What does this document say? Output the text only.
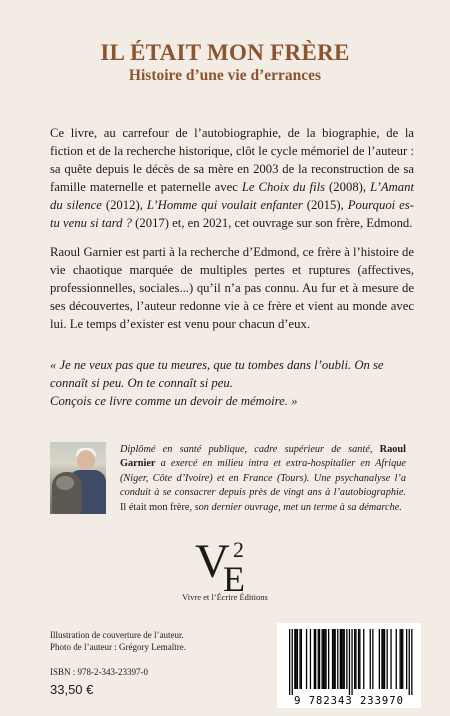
IL ÉTAIT MON FRÈRE
Histoire d’une vie d’errances

Ce livre, au carrefour de l’autobiographie, de la biographie, de la fiction et de la recherche historique, clôt le cycle mémoriel de l’auteur : sa quête depuis le décès de sa mère en 2003 de la reconstruction de sa famille maternelle et paternelle avec Le Choix du fils (2008), L’Amant du silence (2012), L’Homme qui voulait enfanter (2015), Pourquoi es-tu venu si tard ? (2017) et, en 2021, cet ouvrage sur son frère, Edmond.

Raoul Garnier est parti à la recherche d’Edmond, ce frère à l’histoire de vie chaotique marquée de multiples pertes et ruptures (affectives, professionnelles, sociales...) qu’il n’a pas connu. Au fur et à mesure de ses découvertes, l’auteur redonne vie à ce frère et vient au monde avec lui. Le temps d’exister est venu pour chacun d’eux.

« Je ne veux pas que tu meures, que tu tombes dans l’oubli. On se connaît si peu. On te connaît si peu.
Conçois ce livre comme un devoir de mémoire. »

Diplômé en santé publique, cadre supérieur de santé, Raoul Garnier a exercé en milieu intra et extra-hospitalier en Afrique (Niger, Côte d’Ivoire) et en France (Tours). Une psychanalyse l’a conduit à se consacrer depuis près de vingt ans à l’autobiographie. Il était mon frère, son dernier ouvrage, met un terme à sa démarche.

V 2
E

Vivre et l’Écrire Éditions

Illustration de couverture de l’auteur.
Photo de l’auteur : Grégory Lemaître.

ISBN : 978-2-343-23397-0

33,50 €

9 782343 233970
